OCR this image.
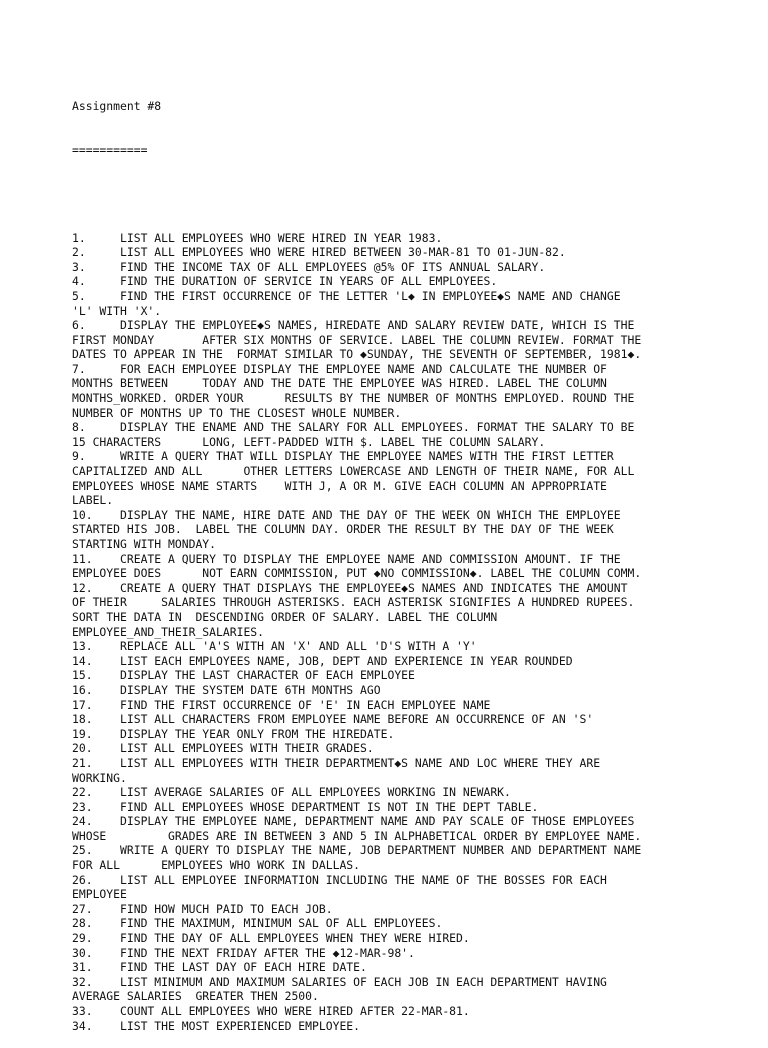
Assignment #8

===========

1.     LIST ALL EMPLOYEES WHO WERE HIRED IN YEAR 1983.
2.     LIST ALL EMPLOYEES WHO WERE HIRED BETWEEN 30-MAR-81 TO 01-JUN-82.
3.     FIND THE INCOME TAX OF ALL EMPLOYEES @5% OF ITS ANNUAL SALARY.
4.     FIND THE DURATION OF SERVICE IN YEARS OF ALL EMPLOYEES.
5.     FIND THE FIRST OCCURRENCE OF THE LETTER 'L◆ IN EMPLOYEE◆S NAME AND CHANGE
'L' WITH 'X'.
6.     DISPLAY THE EMPLOYEE◆S NAMES, HIREDATE AND SALARY REVIEW DATE, WHICH IS THE
FIRST MONDAY       AFTER SIX MONTHS OF SERVICE. LABEL THE COLUMN REVIEW. FORMAT THE
DATES TO APPEAR IN THE  FORMAT SIMILAR TO ◆SUNDAY, THE SEVENTH OF SEPTEMBER, 1981◆.
7.     FOR EACH EMPLOYEE DISPLAY THE EMPLOYEE NAME AND CALCULATE THE NUMBER OF
MONTHS BETWEEN     TODAY AND THE DATE THE EMPLOYEE WAS HIRED. LABEL THE COLUMN
MONTHS_WORKED. ORDER YOUR      RESULTS BY THE NUMBER OF MONTHS EMPLOYED. ROUND THE
NUMBER OF MONTHS UP TO THE CLOSEST WHOLE NUMBER.
8.     DISPLAY THE ENAME AND THE SALARY FOR ALL EMPLOYEES. FORMAT THE SALARY TO BE
15 CHARACTERS      LONG, LEFT-PADDED WITH $. LABEL THE COLUMN SALARY.
9.     WRITE A QUERY THAT WILL DISPLAY THE EMPLOYEE NAMES WITH THE FIRST LETTER
CAPITALIZED AND ALL      OTHER LETTERS LOWERCASE AND LENGTH OF THEIR NAME, FOR ALL
EMPLOYEES WHOSE NAME STARTS    WITH J, A OR M. GIVE EACH COLUMN AN APPROPRIATE
LABEL.
10.    DISPLAY THE NAME, HIRE DATE AND THE DAY OF THE WEEK ON WHICH THE EMPLOYEE
STARTED HIS JOB.  LABEL THE COLUMN DAY. ORDER THE RESULT BY THE DAY OF THE WEEK
STARTING WITH MONDAY.
11.    CREATE A QUERY TO DISPLAY THE EMPLOYEE NAME AND COMMISSION AMOUNT. IF THE
EMPLOYEE DOES      NOT EARN COMMISSION, PUT ◆NO COMMISSION◆. LABEL THE COLUMN COMM.
12.    CREATE A QUERY THAT DISPLAYS THE EMPLOYEE◆S NAMES AND INDICATES THE AMOUNT
OF THEIR     SALARIES THROUGH ASTERISKS. EACH ASTERISK SIGNIFIES A HUNDRED RUPEES.
SORT THE DATA IN  DESCENDING ORDER OF SALARY. LABEL THE COLUMN
EMPLOYEE_AND_THEIR_SALARIES.
13.    REPLACE ALL 'A'S WITH AN 'X' AND ALL 'D'S WITH A 'Y'
14.    LIST EACH EMPLOYEES NAME, JOB, DEPT AND EXPERIENCE IN YEAR ROUNDED
15.    DISPLAY THE LAST CHARACTER OF EACH EMPLOYEE
16.    DISPLAY THE SYSTEM DATE 6TH MONTHS AGO
17.    FIND THE FIRST OCCURRENCE OF 'E' IN EACH EMPLOYEE NAME
18.    LIST ALL CHARACTERS FROM EMPLOYEE NAME BEFORE AN OCCURRENCE OF AN 'S'
19.    DISPLAY THE YEAR ONLY FROM THE HIREDATE.
20.    LIST ALL EMPLOYEES WITH THEIR GRADES.
21.    LIST ALL EMPLOYEES WITH THEIR DEPARTMENT◆S NAME AND LOC WHERE THEY ARE
WORKING.
22.    LIST AVERAGE SALARIES OF ALL EMPLOYEES WORKING IN NEWARK.
23.    FIND ALL EMPLOYEES WHOSE DEPARTMENT IS NOT IN THE DEPT TABLE.
24.    DISPLAY THE EMPLOYEE NAME, DEPARTMENT NAME AND PAY SCALE OF THOSE EMPLOYEES
WHOSE         GRADES ARE IN BETWEEN 3 AND 5 IN ALPHABETICAL ORDER BY EMPLOYEE NAME.
25.    WRITE A QUERY TO DISPLAY THE NAME, JOB DEPARTMENT NUMBER AND DEPARTMENT NAME
FOR ALL      EMPLOYEES WHO WORK IN DALLAS.
26.    LIST ALL EMPLOYEE INFORMATION INCLUDING THE NAME OF THE BOSSES FOR EACH
EMPLOYEE
27.    FIND HOW MUCH PAID TO EACH JOB.
28.    FIND THE MAXIMUM, MINIMUM SAL OF ALL EMPLOYEES.
29.    FIND THE DAY OF ALL EMPLOYEES WHEN THEY WERE HIRED.
30.    FIND THE NEXT FRIDAY AFTER THE ◆12-MAR-98'.
31.    FIND THE LAST DAY OF EACH HIRE DATE.
32.    LIST MINIMUM AND MAXIMUM SALARIES OF EACH JOB IN EACH DEPARTMENT HAVING
AVERAGE SALARIES  GREATER THEN 2500.
33.    COUNT ALL EMPLOYEES WHO WERE HIRED AFTER 22-MAR-81.
34.    LIST THE MOST EXPERIENCED EMPLOYEE.
